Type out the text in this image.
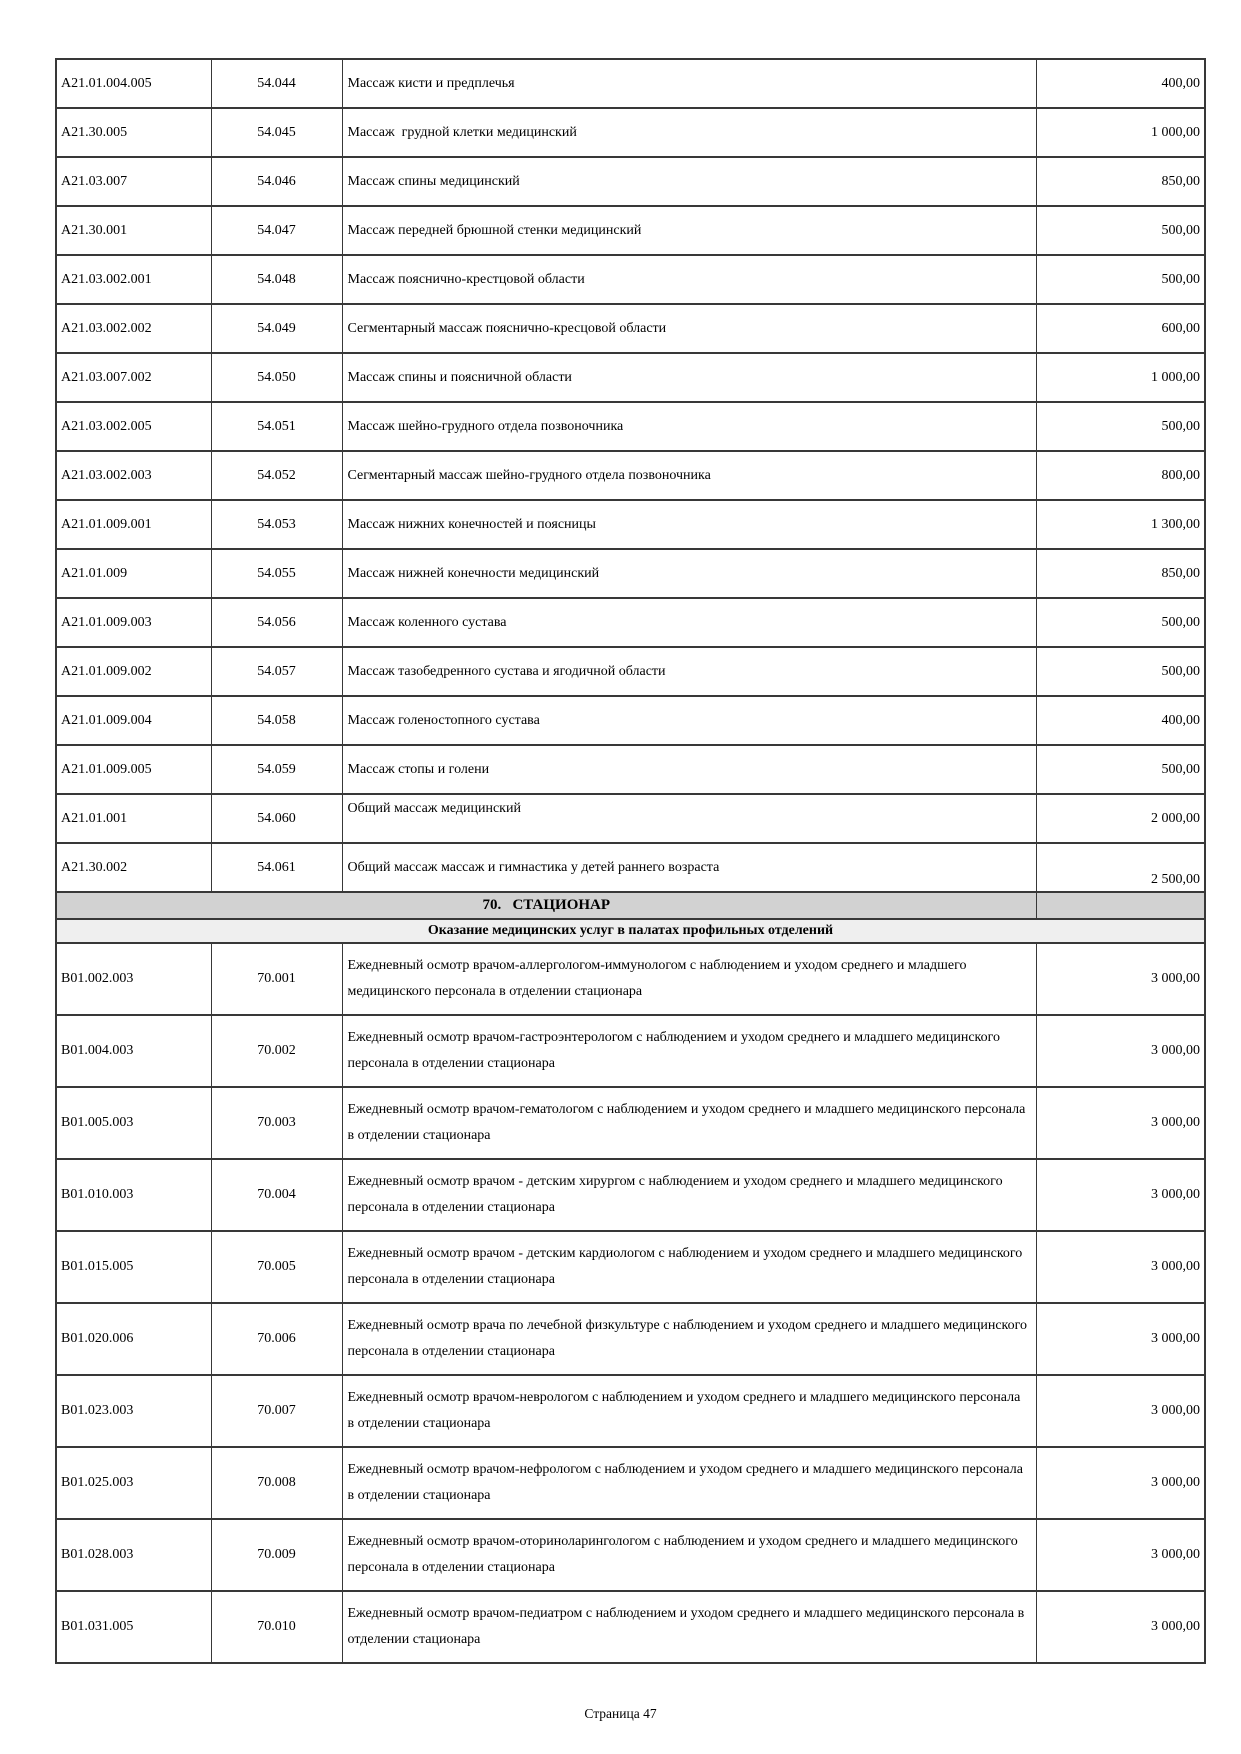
А21.01.004.005	54.044	Массаж кисти и предплечья	400,00
А21.30.005	54.045	Массаж  грудной клетки медицинский	1 000,00
А21.03.007	54.046	Массаж спины медицинский	850,00
А21.30.001	54.047	Массаж передней брюшной стенки медицинский	500,00
А21.03.002.001	54.048	Массаж пояснично-крестцовой области	500,00
А21.03.002.002	54.049	Сегментарный массаж пояснично-кресцовой области	600,00
А21.03.007.002	54.050	Массаж спины и поясничной области	1 000,00
А21.03.002.005	54.051	Массаж шейно-грудного отдела позвоночника	500,00
А21.03.002.003	54.052	Сегментарный массаж шейно-грудного отдела позвоночника	800,00
А21.01.009.001	54.053	Массаж нижних конечностей и поясницы	1 300,00
А21.01.009	54.055	Массаж нижней конечности медицинский	850,00
А21.01.009.003	54.056	Массаж коленного сустава	500,00
А21.01.009.002	54.057	Массаж тазобедренного сустава и ягодичной области	500,00
А21.01.009.004	54.058	Массаж голеностопного сустава	400,00
А21.01.009.005	54.059	Массаж стопы и голени	500,00
А21.01.001	54.060	Общий массаж медицинский	2 000,00
А21.30.002	54.061	Общий массаж массаж и гимнастика у детей раннего возраста	2 500,00
70.   СТАЦИОНАР			
Оказание медицинских услуг в палатах профильных отделений			
В01.002.003	70.001	Ежедневный осмотр врачом-аллергологом-иммунологом с наблюдением и уходом среднего и младшего медицинского персонала в отделении стационара	3 000,00
В01.004.003	70.002	Ежедневный осмотр врачом-гастроэнтерологом с наблюдением и уходом среднего и младшего медицинского персонала в отделении стационара	3 000,00
В01.005.003	70.003	Ежедневный осмотр врачом-гематологом с наблюдением и уходом среднего и младшего медицинского персонала в отделении стационара	3 000,00
В01.010.003	70.004	Ежедневный осмотр врачом - детским хирургом с наблюдением и уходом среднего и младшего медицинского персонала в отделении стационара	3 000,00
В01.015.005	70.005	Ежедневный осмотр врачом - детским кардиологом с наблюдением и уходом среднего и младшего медицинского персонала в отделении стационара	3 000,00
В01.020.006	70.006	Ежедневный осмотр врача по лечебной физкультуре с наблюдением и уходом среднего и младшего медицинского персонала в отделении стационара	3 000,00
В01.023.003	70.007	Ежедневный осмотр врачом-неврологом с наблюдением и уходом среднего и младшего медицинского персонала в отделении стационара	3 000,00
В01.025.003	70.008	Ежедневный осмотр врачом-нефрологом с наблюдением и уходом среднего и младшего медицинского персонала в отделении стационара	3 000,00
В01.028.003	70.009	Ежедневный осмотр врачом-оториноларингологом с наблюдением и уходом среднего и младшего медицинского персонала в отделении стационара	3 000,00
В01.031.005	70.010	Ежедневный осмотр врачом-педиатром с наблюдением и уходом среднего и младшего медицинского персонала в отделении стационара	3 000,00
Страница 47
